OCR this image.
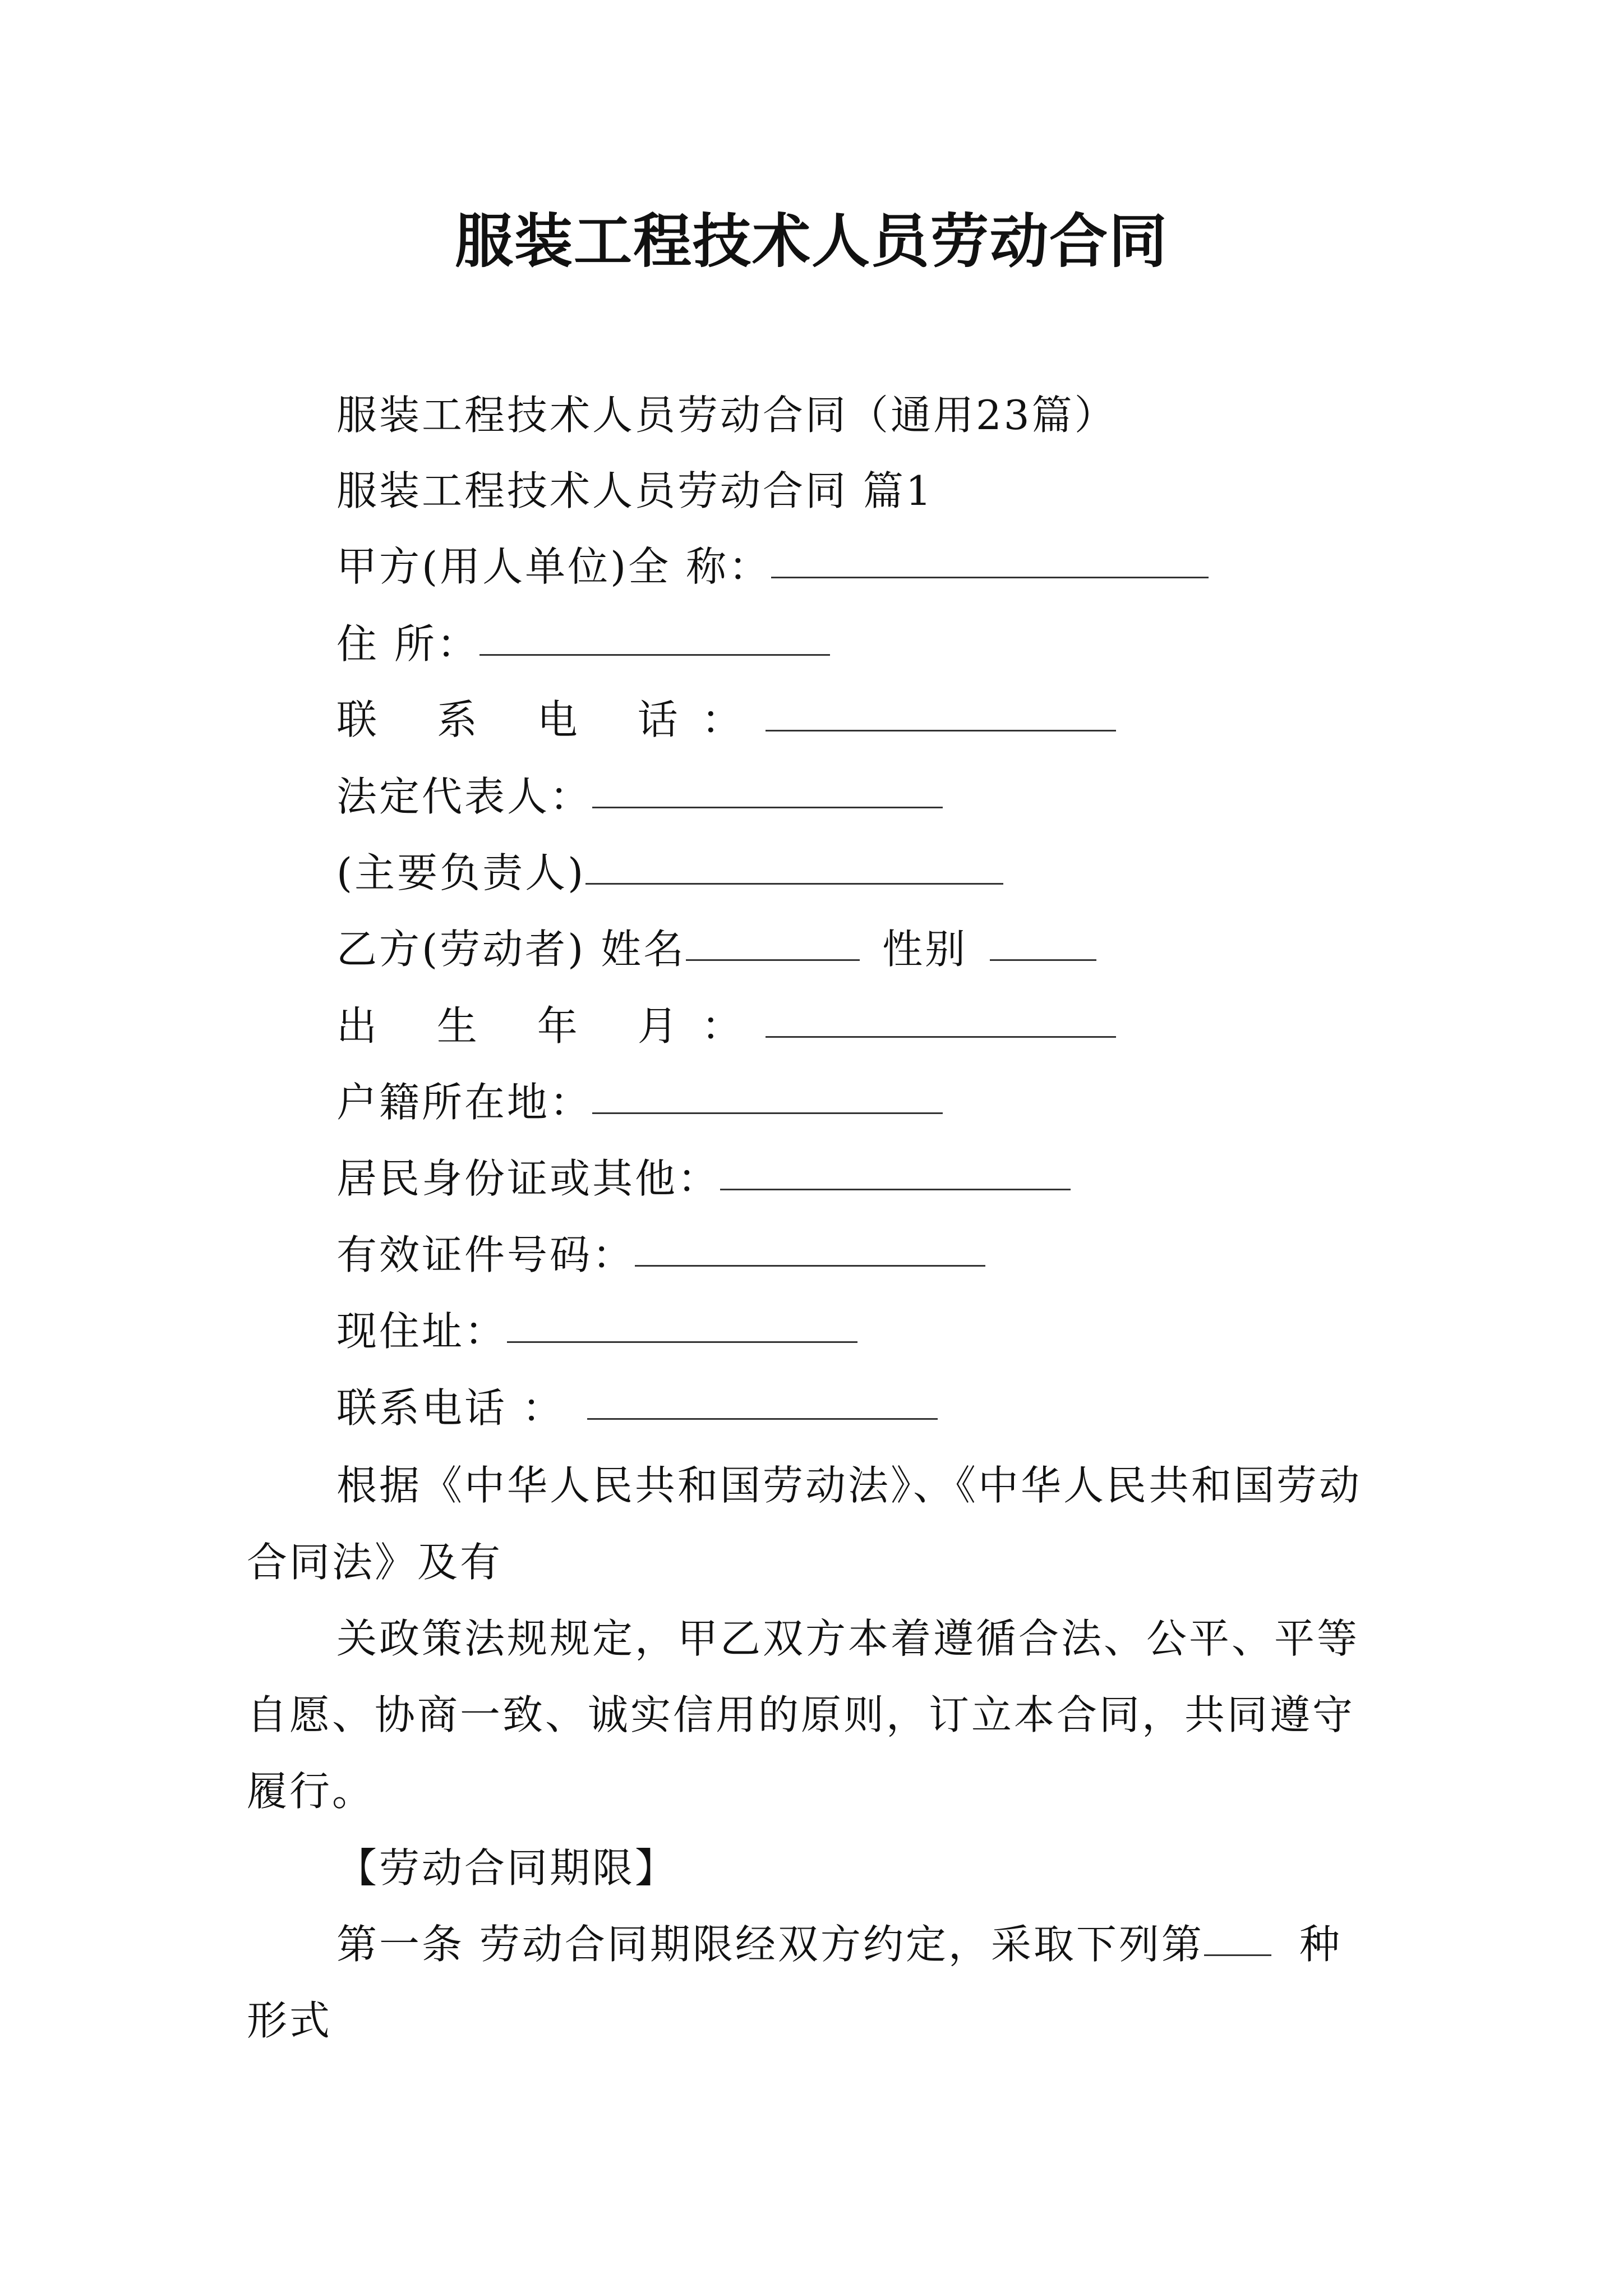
服装工程技术人员劳动合同
服装工程技术人员劳动合同（通用23篇）
服装工程技术人员劳动合同 篇1
甲方(用人单位)全 称：
住 所：
联 系 电 话：
法定代表人：
(主要负责人)
乙方(劳动者) 姓名	性别
出 生 年 月：
户籍所在地：
居民身份证或其他：
有效证件号码：
现住址：
联系电话 ：
根据《中华人民共和国劳动法》、《中华人民共和国劳动
合同法》及有
关政策法规规定，甲乙双方本着遵循合法、公平、平等
自愿、协商一致、诚实信用的原则，订立本合同，共同遵守
履行。
【劳动合同期限】
第一条 劳动合同期限经双方约定，采取下列第 种
形式
